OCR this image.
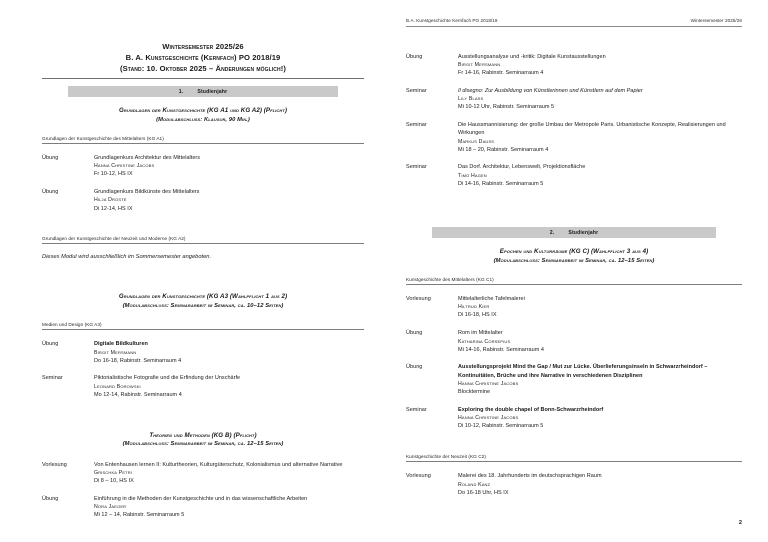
Wintersemester 2025/26
B. A. Kunstgeschichte (Kernfach) PO 2018/19
(Stand: 10. Oktober 2025 – Änderungen möglich!)
1.	Studienjahr
Grundlagen der Kunstgeschichte (KG A1 und KG A2) (Pflicht)
(Modulabschluss: Klausur, 90 Min.)
Grundlagen der Kunstgeschichte des Mittelalters (KG A1)
Übung	Grundlagenkurs Architektur des Mittelalters
Hanna Christine Jacobs
Fr 10-12, HS IX
Übung	Grundlagenkurs Bildkünste des Mittelalters
Hilja Droste
Di 12-14, HS IX
Grundlagen der Kunstgeschichte der Neuzeit und Moderne (KG A2)
Dieses Modul wird ausschließlich im Sommersemester angeboten.
Grundlagen der Kunstgeschichte (KG A3 (Wahlpflicht 1 aus 2)
(Modulabschluss: Seminararbeit im Seminar, ca. 10–12 Seiten)
Medien und Design (KG A3)
Übung	Digitale Bildkulturen
Birgit Mersmann
Do 16-18, Rabinstr. Seminarraum 4
Seminar	Piktorialistische Fotografie und die Erfindung der Unschärfe
Leonard Borowski
Mo 12-14, Rabinstr. Seminarraum 4
Theorien und Methoden (KG B) (Pflicht)
(Modulabschluss: Seminararbeit im Seminar, ca. 12–15 Seiten)
Vorlesung	Von Entenhausen lernen II: Kulturtheorien, Kulturgüterschutz, Kolonialismus und alternative Narrative
Grischka Petri
Di 8 – 10, HS IX
Übung	Einführung in die Methoden der Kunstgeschichte und in das wissenschaftliche Arbeiten
Nora Jaeger
Mi 12 – 14, Rabinstr. Seminarraum 5
B.A. Kunstgeschichte Kernfach PO 2018/19	Wintersemester 2025/26
Übung	Ausstellungsanalyse und -kritik: Digitale Kunstausstellungen
Birgit Mersmann
Fr 14-16, Rabinstr. Seminarraum 4
Seminar	Il disegno: Zur Ausbildung von Künstlerinnen und Künstlern auf dem Papier
Lily Blass
Mi 10-12 Uhr, Rabinstr. Seminarraum 5
Seminar	Die Haussmannisierung: der große Umbau der Metropole Paris. Urbanistische Konzepte, Realisierungen und Wirkungen
Markus Dauss
Mi 18 – 20, Rabinstr. Seminarraum 4
Seminar	Das Dorf. Architektur, Lebenswelt, Projektionsfläche
Timo Hagen
Di 14-16, Rabinstr. Seminarraum 5
2.	Studienjahr
Epochen und Kulturräume (KG C) (Wahlpflicht 3 aus 4)
(Modulabschluss: Seminararbeit im Seminar, ca. 12–15 Seiten)
Kunstgeschichte des Mittelalters (KG C1)
Vorlesung	Mittelalterliche Tafelmalerei
Hiltrud Kier
Di 16-18, HS IX
Übung	Rom im Mittelalter
Katharina Corsepius
Mi 14-16, Rabinstr. Seminarraum 4
Übung	Ausstellungsprojekt Mind the Gap / Mut zur Lücke. Überlieferungsinseln in Schwarzrheindorf – Kontinuitäten, Brüche und ihre Narrative in verschiedenen Disziplinen
Hanna Christine Jacobs
Blocktermine
Seminar	Exploring the double chapel of Bonn-Schwarzrheindorf
Hanna Christine Jacobs
Di 10-12, Rabinstr. Seminarraum 5
Kunstgeschichte der Neuzeit (KG C2)
Vorlesung	Malerei des 18. Jahrhunderts im deutschsprachigen Raum
Roland Kanz
Do 16-18 Uhr, HS IX
2
